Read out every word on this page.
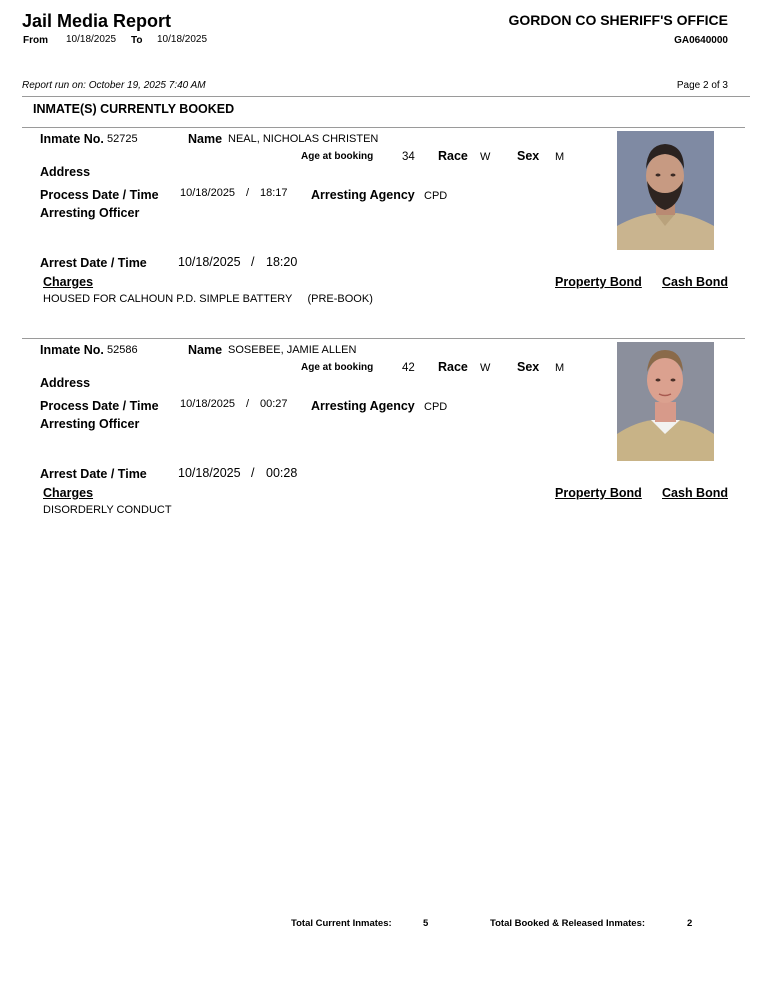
Jail Media Report
From 10/18/2025 To 10/18/2025
GORDON CO SHERIFF'S OFFICE
GA0640000
Report run on: October 19, 2025 7:40 AM	Page 2 of 3
INMATE(S) CURRENTLY BOOKED
Inmate No. 52725	Name NEAL, NICHOLAS CHRISTEN
Age at booking	34 Race W Sex M
Address
Process Date / Time 10/18/2025 / 18:17 Arresting Agency CPD
Arresting Officer
Arrest Date / Time 10/18/2025 / 18:20
Charges	Property Bond Cash Bond
HOUSED FOR CALHOUN P.D. SIMPLE BATTERY     (PRE-BOOK)
Inmate No. 52586	Name SOSEBEE, JAMIE ALLEN
Age at booking	42 Race W Sex M
Address
Process Date / Time 10/18/2025 / 00:27 Arresting Agency CPD
Arresting Officer
Arrest Date / Time 10/18/2025 / 00:28
Charges	Property Bond Cash Bond
DISORDERLY CONDUCT
Total Current Inmates:	5	Total Booked & Released Inmates:	2
